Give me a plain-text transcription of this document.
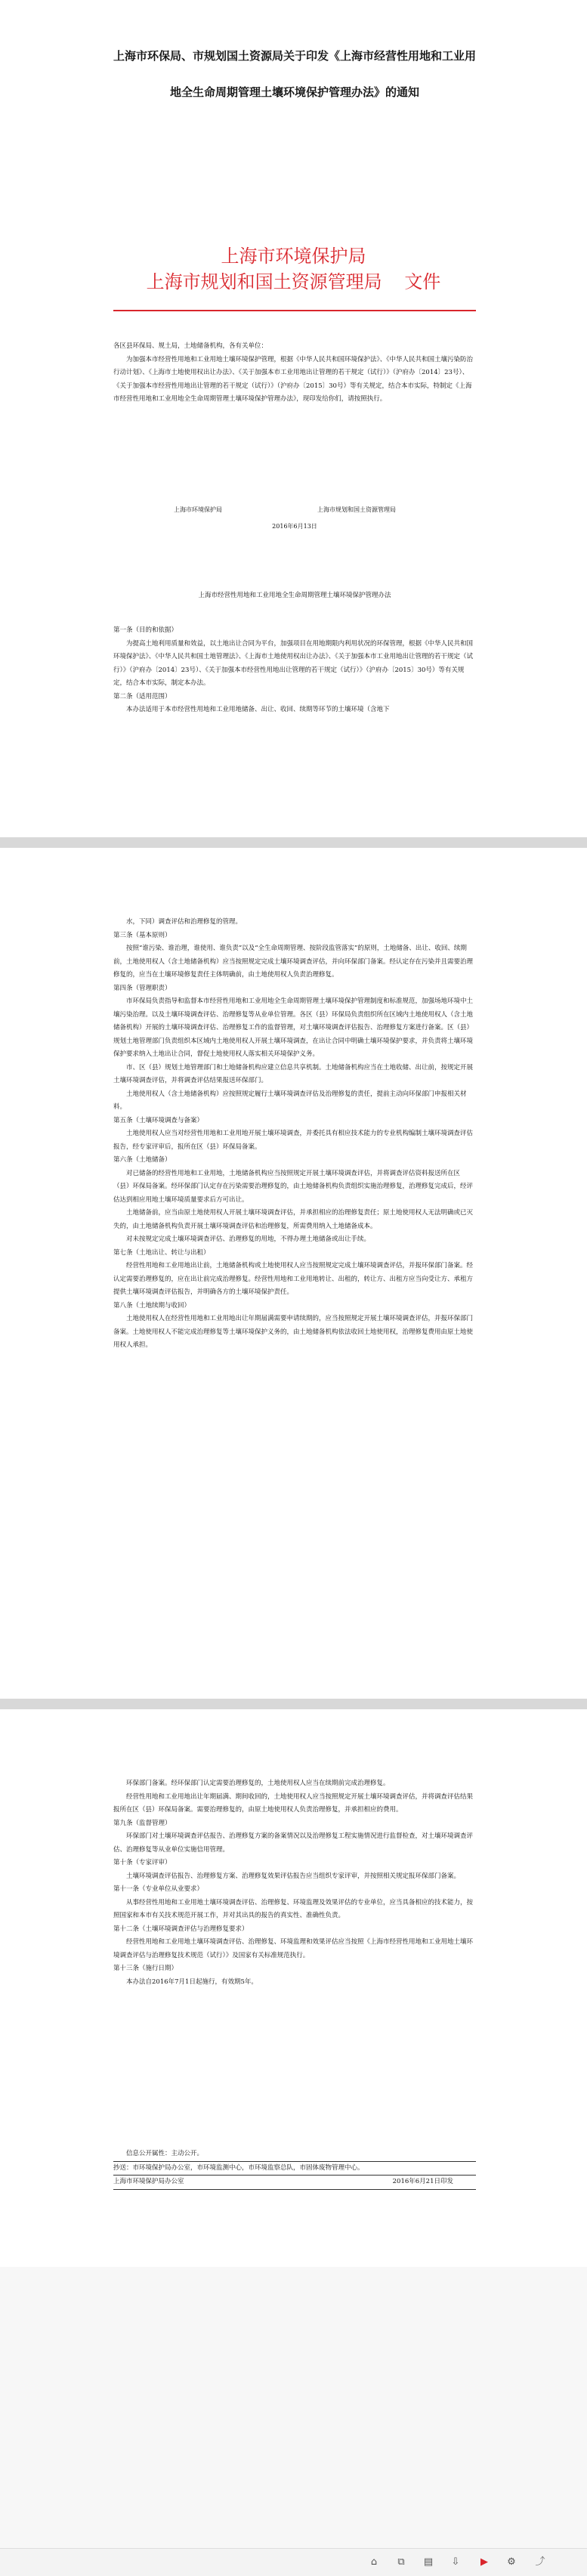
上海市环保局、市规划国土资源局关于印发《上海市经营性用地和工业用地全生命周期管理土壤环境保护管理办法》的通知
上海市环境保护局
上海市规划和国土资源管理局 文件

各区县环保局、规土局，土地储备机构，各有关单位：

为加强本市经营性用地和工业用地土壤环境保护管理，根据《中华人民共和国环境保护法》、《中华人民共和国土壤污染防治行动计划》、《上海市土地使用权出让办法》、《关于加强本市工业用地出让管理的若干规定（试行）》（沪府办〔2014〕23号）、《关于加强本市经营性用地出让管理的若干规定（试行）》（沪府办〔2015〕30号）等有关规定，结合本市实际，特制定《上海市经营性用地和工业用地全生命周期管理土壤环境保护管理办法》，现印发给你们，请按照执行。

上海市环境保护局	上海市规划和国土资源管理局
2016年6月13日
上海市经营性用地和工业用地全生命周期管理土壤环境保护管理办法

第一条（目的和依据）

为提高土地利用质量和效益，以土地出让合同为平台，加强项目在用地期限内利用状况的环保管理，根据《中华人民共和国环境保护法》、《中华人民共和国土地管理法》、《上海市土地使用权出让办法》、《关于加强本市工业用地出让管理的若干规定（试行）》（沪府办〔2014〕23号）、《关于加强本市经营性用地出让管理的若干规定（试行）》（沪府办〔2015〕30号）等有关规定，结合本市实际，制定本办法。

第二条（适用范围）

本办法适用于本市经营性用地和工业用地储备、出让、收回、续期等环节的土壤环境（含地下

水，下同）调查评估和治理修复的管理。

第三条（基本原则）

按照“谁污染、谁治理，谁使用、谁负责”以及“全生命周期管理、按阶段监管落实”的原则，土地储备、出让、收回、续期前，土地使用权人（含土地储备机构）应当按照规定完成土壤环境调查评估，并向环保部门备案。经认定存在污染并且需要治理修复的，应当在土壤环境修复责任主体明确前，由土地使用权人负责治理修复。

第四条（管理职责）

市环保局负责指导和监督本市经营性用地和工业用地全生命周期管理土壤环境保护管理制度和标准规范，加强场地环境中土壤污染治理。以及土壤环境调查评估、治理修复等从业单位管理。各区（县）环保局负责组织所在区域内土地使用权人（含土地储备机构）开展的土壤环境调查评估、治理修复工作的监督管理，对土壤环境调查评估报告、治理修复方案进行备案。区（县）规划土地管理部门负责组织本区域内土地使用权人开展土壤环境调查，在出让合同中明确土壤环境保护要求，并负责将土壤环境保护要求纳入土地出让合同，督促土地使用权人落实相关环境保护义务。

市、区（县）规划土地管理部门和土地储备机构应建立信息共享机制。土地储备机构应当在土地收储、出让前，按规定开展土壤环境调查评估，并将调查评估结果报送环保部门。

土地使用权人（含土地储备机构）应按照规定履行土壤环境调查评估及治理修复的责任，提前主动向环保部门申报相关材料。

第五条（土壤环境调查与备案）

土地使用权人应当对经营性用地和工业用地开展土壤环境调查，并委托具有相应技术能力的专业机构编制土壤环境调查评估报告，经专家评审后，报所在区（县）环保局备案。

第六条（土地储备）

对已储备的经营性用地和工业用地，土地储备机构应当按照规定开展土壤环境调查评估，并将调查评估资料报送所在区（县）环保局备案。经环保部门认定存在污染需要治理修复的，由土地储备机构负责组织实施治理修复，治理修复完成后，经评估达到相应用地土壤环境质量要求后方可出让。

土地储备前，应当由原土地使用权人开展土壤环境调查评估，并承担相应的治理修复责任；原土地使用权人无法明确或已灭失的，由土地储备机构负责开展土壤环境调查评估和治理修复，所需费用纳入土地储备成本。

对未按规定完成土壤环境调查评估、治理修复的用地，不得办理土地储备或出让手续。

第七条（土地出让、转让与出租）

经营性用地和工业用地出让前，土地储备机构或土地使用权人应当按照规定完成土壤环境调查评估，并报环保部门备案。经认定需要治理修复的，应在出让前完成治理修复。经营性用地和工业用地转让、出租的，转让方、出租方应当向受让方、承租方提供土壤环境调查评估报告，并明确各方的土壤环境保护责任。

第八条（土地续期与收回）

土地使用权人在经营性用地和工业用地出让年期届满需要申请续期的，应当按照规定开展土壤环境调查评估，并报环保部门备案。土地使用权人不能完成治理修复等土壤环境保护义务的，由土地储备机构依法收回土地使用权，治理修复费用由原土地使用权人承担。

环保部门备案。经环保部门认定需要治理修复的，土地使用权人应当在续期前完成治理修复。

经营性用地和工业用地出让年期届满、期间收回的，土地使用权人应当按照规定开展土壤环境调查评估，并将调查评估结果报所在区（县）环保局备案。需要治理修复的，由原土地使用权人负责治理修复，并承担相应的费用。

第九条（监督管理）

环保部门对土壤环境调查评估报告、治理修复方案的备案情况以及治理修复工程实施情况进行监督检查，对土壤环境调查评估、治理修复等从业单位实施信用管理。

第十条（专家评审）

土壤环境调查评估报告、治理修复方案、治理修复效果评估报告应当组织专家评审，并按照相关规定报环保部门备案。

第十一条（专业单位从业要求）

从事经营性用地和工业用地土壤环境调查评估、治理修复、环境监理及效果评估的专业单位，应当具备相应的技术能力，按照国家和本市有关技术规范开展工作，并对其出具的报告的真实性、准确性负责。

第十二条（土壤环境调查评估与治理修复要求）

经营性用地和工业用地土壤环境调查评估、治理修复、环境监理和效果评估应当按照《上海市经营性用地和工业用地土壤环境调查评估与治理修复技术规范（试行）》及国家有关标准规范执行。

第十三条（施行日期）

本办法自2016年7月1日起施行，有效期5年。

信息公开属性：主动公开。

抄送：市环境保护局办公室，市环境监测中心，市环境监察总队，市固体废物管理中心。

上海市环境保护局办公室	2016年6月21日印发

⌂	⧉	▤ ⇩	▶	⚙ ⤴
